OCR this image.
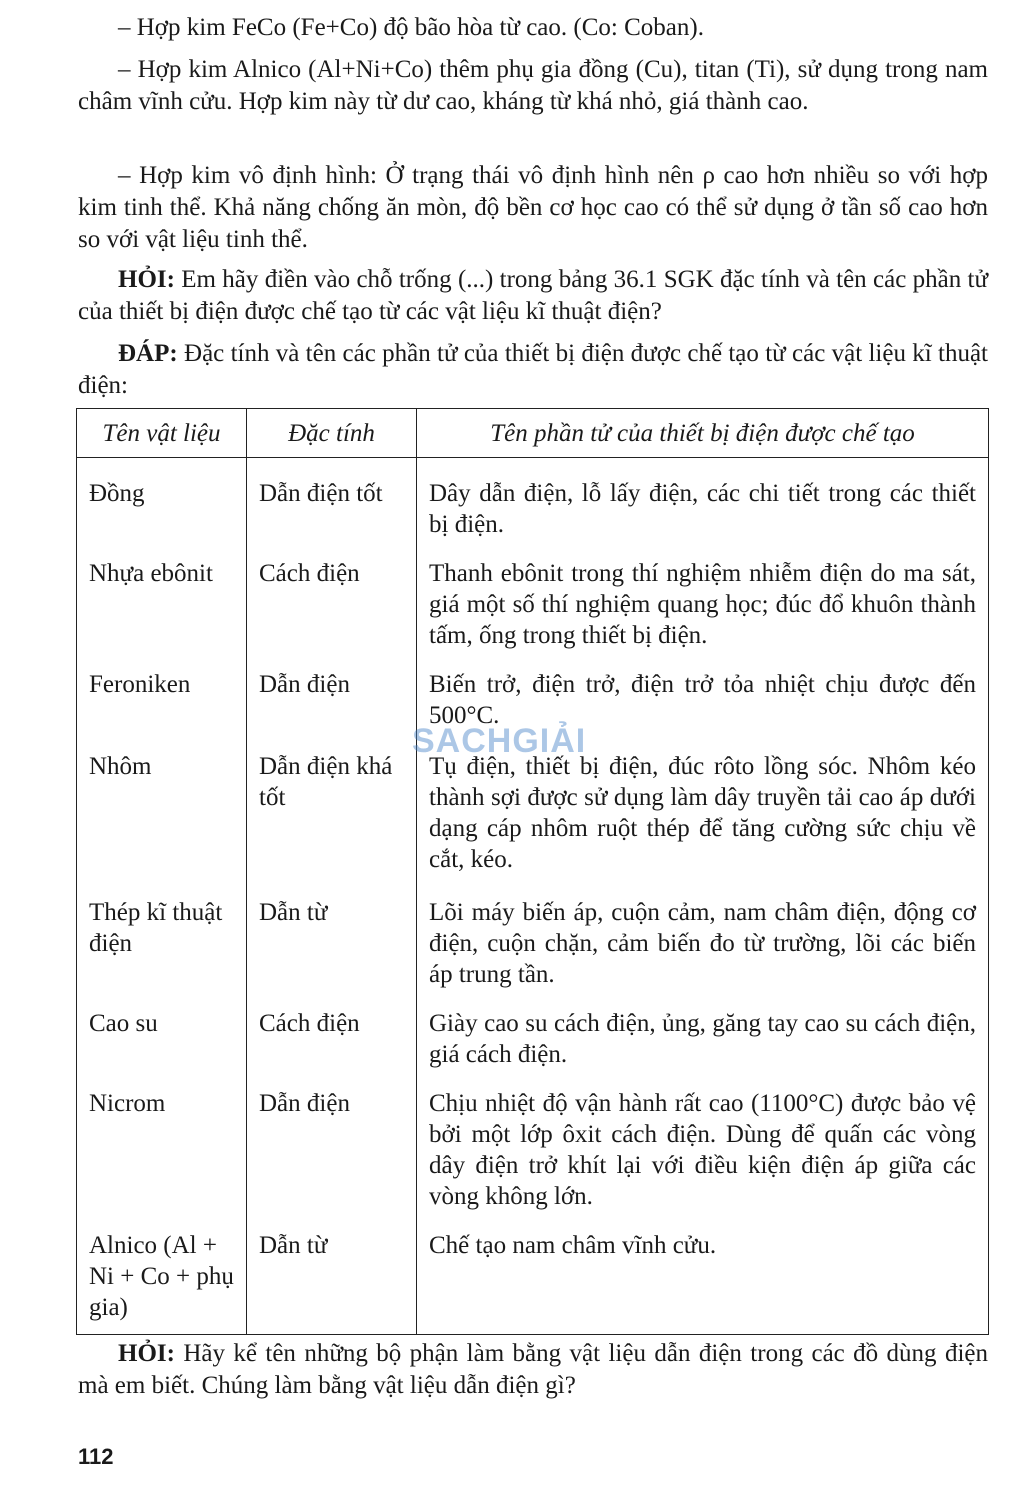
– Hợp kim FeCo (Fe+Co) độ bão hòa từ cao. (Co: Coban).

– Hợp kim Alnico (Al+Ni+Co) thêm phụ gia đồng (Cu), titan (Ti), sử dụng trong nam châm vĩnh cửu. Hợp kim này từ dư cao, kháng từ khá nhỏ, giá thành cao.

– Hợp kim vô định hình: Ở trạng thái vô định hình nên ρ cao hơn nhiều so với hợp kim tinh thể. Khả năng chống ăn mòn, độ bền cơ học cao có thể sử dụng ở tần số cao hơn so với vật liệu tinh thể.

HỎI: Em hãy điền vào chỗ trống (...) trong bảng 36.1 SGK đặc tính và tên các phần tử của thiết bị điện được chế tạo từ các vật liệu kĩ thuật điện?

ĐÁP: Đặc tính và tên các phần tử của thiết bị điện được chế tạo từ các vật liệu kĩ thuật điện:

Tên vật liệu	Đặc tính	Tên phần tử của thiết bị điện được chế tạo
Đồng	Dẫn điện tốt	Dây dẫn điện, lỗ lấy điện, các chi tiết trong các thiết bị điện.
Nhựa ebônit	Cách điện	Thanh ebônit trong thí nghiệm nhiễm điện do ma sát, giá một số thí nghiệm quang học; đúc đổ khuôn thành tấm, ống trong thiết bị điện.
Feroniken	Dẫn điện	Biến trở, điện trở, điện trở tỏa nhiệt chịu được đến 500°C.
Nhôm	Dẫn điện khá tốt	Tụ điện, thiết bị điện, đúc rôto lồng sóc. Nhôm kéo thành sợi được sử dụng làm dây truyền tải cao áp dưới dạng cáp nhôm ruột thép để tăng cường sức chịu về cắt, kéo.
Thép kĩ thuật điện	Dẫn từ	Lõi máy biến áp, cuộn cảm, nam châm điện, động cơ điện, cuộn chặn, cảm biến đo từ trường, lõi các biến áp trung tần.
Cao su	Cách điện	Giày cao su cách điện, ủng, găng tay cao su cách điện, giá cách điện.
Nicrom	Dẫn điện	Chịu nhiệt độ vận hành rất cao (1100°C) được bảo vệ bởi một lớp ôxit cách điện. Dùng để quấn các vòng dây điện trở khít lại với điều kiện điện áp giữa các vòng không lớn.
Alnico (Al + Ni + Co + phụ gia)	Dẫn từ	Chế tạo nam châm vĩnh cửu.

HỎI: Hãy kể tên những bộ phận làm bằng vật liệu dẫn điện trong các đồ dùng điện mà em biết. Chúng làm bằng vật liệu dẫn điện gì?

SACHGIẢI
112
